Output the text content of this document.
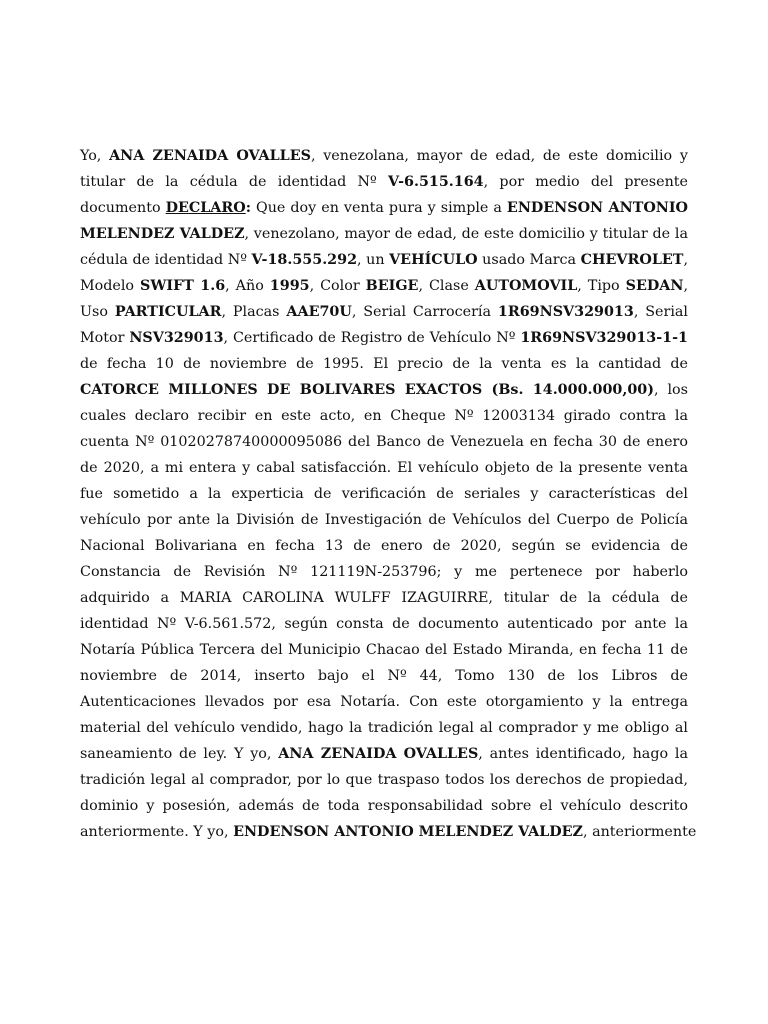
Yo, ANA ZENAIDA OVALLES, venezolana, mayor de edad, de este domicilio y
titular de la cédula de identidad Nº V-6.515.164, por medio del presente
documento DECLARO: Que doy en venta pura y simple a ENDENSON ANTONIO
MELENDEZ VALDEZ, venezolano, mayor de edad, de este domicilio y titular de la
cédula de identidad Nº V-18.555.292, un VEHÍCULO usado Marca CHEVROLET,
Modelo SWIFT 1.6, Año 1995, Color BEIGE, Clase AUTOMOVIL, Tipo SEDAN,
Uso PARTICULAR, Placas AAE70U, Serial Carrocería 1R69NSV329013, Serial
Motor NSV329013, Certificado de Registro de Vehículo Nº 1R69NSV329013-1-1
de fecha 10 de noviembre de 1995. El precio de la venta es la cantidad de
CATORCE MILLONES DE BOLIVARES EXACTOS (Bs. 14.000.000,00), los
cuales declaro recibir en este acto, en Cheque Nº 12003134 girado contra la
cuenta Nº 01020278740000095086 del Banco de Venezuela en fecha 30 de enero
de 2020, a mi entera y cabal satisfacción. El vehículo objeto de la presente venta
fue sometido a la experticia de verificación de seriales y características del
vehículo por ante la División de Investigación de Vehículos del Cuerpo de Policía
Nacional Bolivariana en fecha 13 de enero de 2020, según se evidencia de
Constancia de Revisión Nº 121119N-253796; y me pertenece por haberlo
adquirido a MARIA CAROLINA WULFF IZAGUIRRE, titular de la cédula de
identidad Nº V-6.561.572, según consta de documento autenticado por ante la
Notaría Pública Tercera del Municipio Chacao del Estado Miranda, en fecha 11 de
noviembre de 2014, inserto bajo el Nº 44, Tomo 130 de los Libros de
Autenticaciones llevados por esa Notaría. Con este otorgamiento y la entrega
material del vehículo vendido, hago la tradición legal al comprador y me obligo al
saneamiento de ley. Y yo, ANA ZENAIDA OVALLES, antes identificado, hago la
tradición legal al comprador, por lo que traspaso todos los derechos de propiedad,
dominio y posesión, además de toda responsabilidad sobre el vehículo descrito
anteriormente. Y yo, ENDENSON ANTONIO MELENDEZ VALDEZ, anteriormente
